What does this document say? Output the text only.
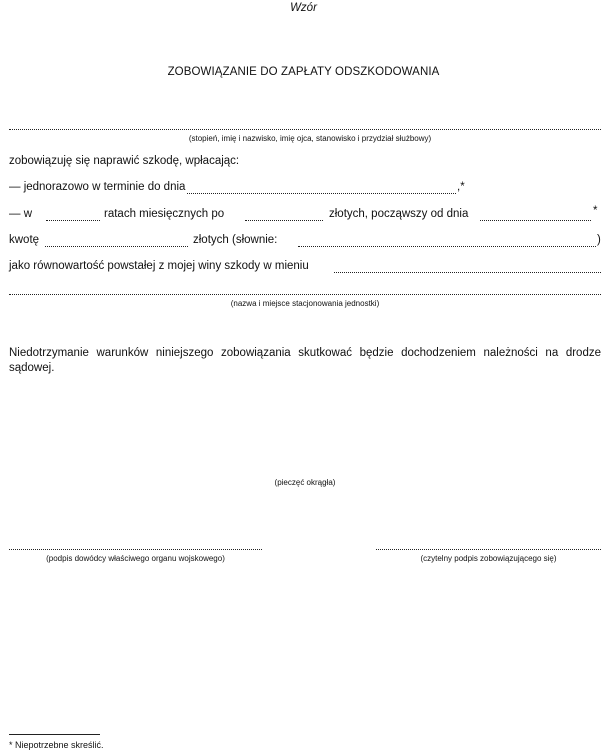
Wzór
ZOBOWIĄZANIE DO ZAPŁATY ODSZKODOWANIA
(stopień, imię i nazwisko, imię ojca, stanowisko i przydział służbowy)
zobowiązuję się naprawić szkodę, wpłacając:
— jednorazowo w terminie do dnia	,*
— w	ratach miesięcznych po	złotych, począwszy od dnia	*
kwotę	złotych (słownie:	)
jako równowartość powstałej z mojej winy szkody w mieniu
(nazwa i miejsce stacjonowania jednostki)
Niedotrzymanie warunków niniejszego zobowiązania skutkować będzie dochodzeniem należności na drodze sądowej.
(pieczęć okrągła)
(podpis dowódcy właściwego organu wojskowego)	(czytelny podpis zobowiązującego się)
* Niepotrzebne skreślić.
